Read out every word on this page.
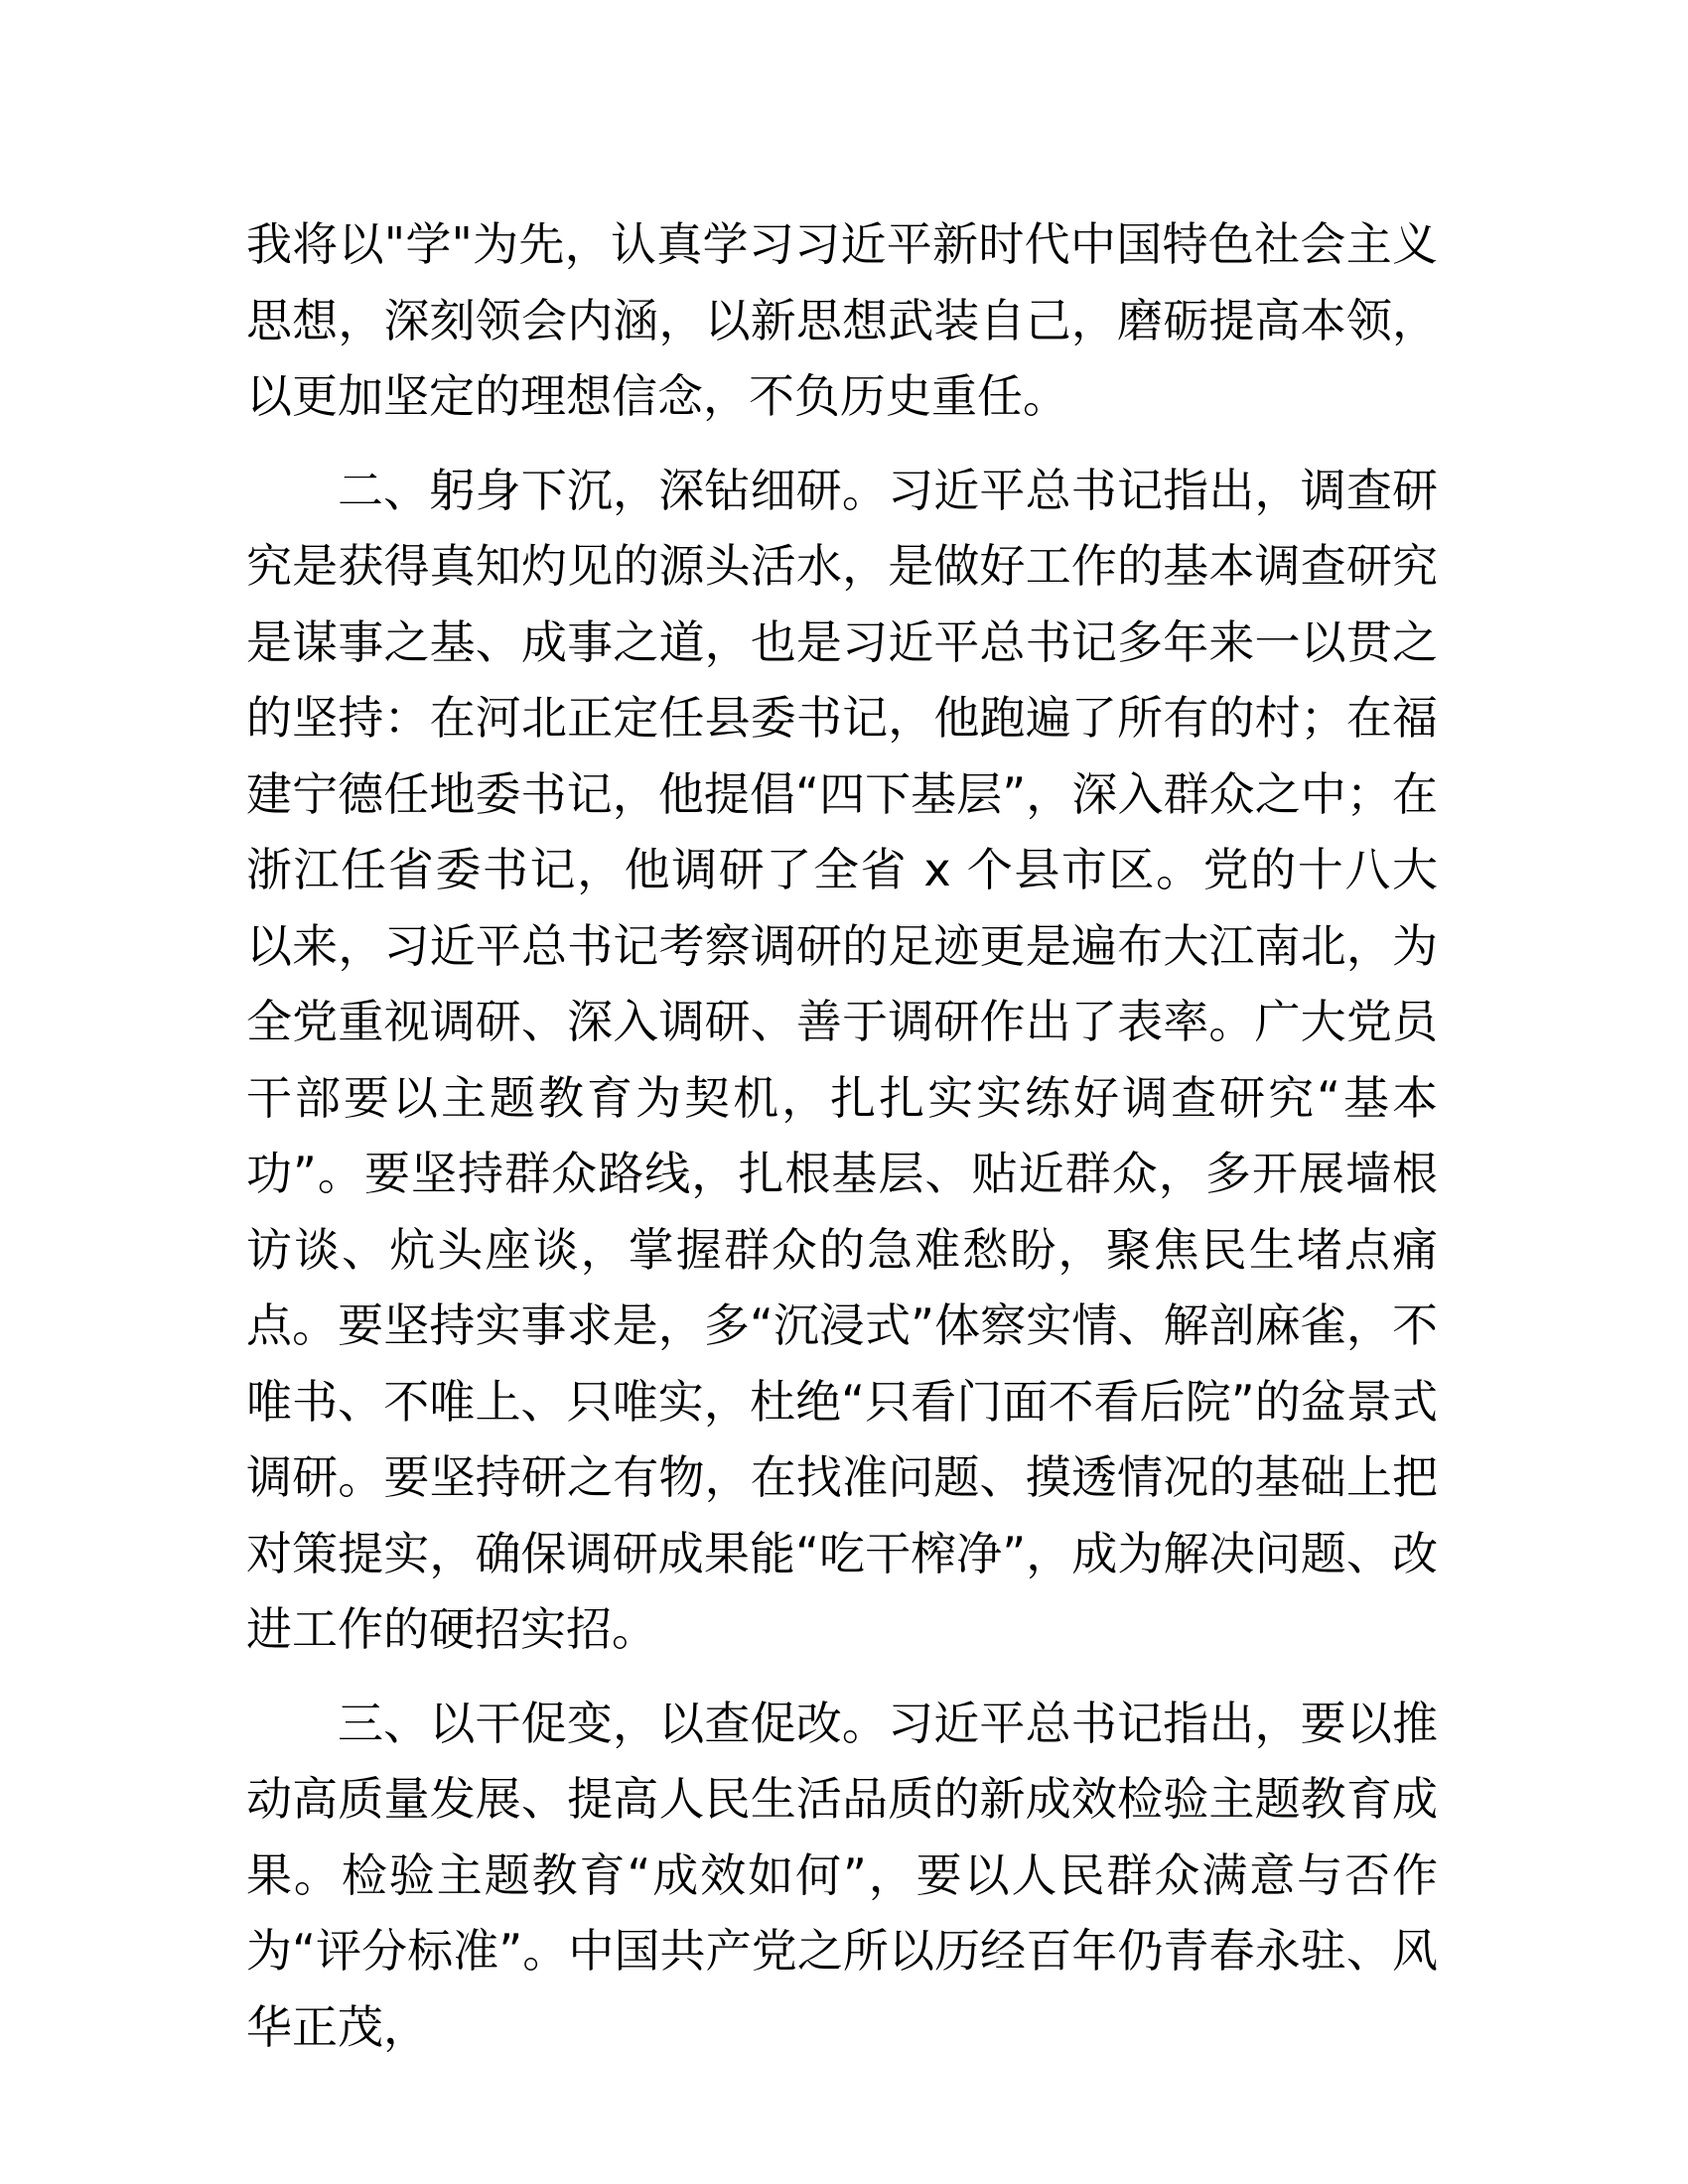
我将以"学"为先，认真学习习近平新时代中国特色社会主义思想，深刻领会内涵，以新思想武装自己，磨砺提高本领，以更加坚定的理想信念，不负历史重任。

二、躬身下沉，深钻细研。习近平总书记指出，调查研究是获得真知灼见的源头活水，是做好工作的基本调查研究是谋事之基、成事之道，也是习近平总书记多年来一以贯之的坚持：在河北正定任县委书记，他跑遍了所有的村；在福建宁德任地委书记，他提倡“四下基层”，深入群众之中；在浙江任省委书记，他调研了全省 x 个县市区。党的十八大以来，习近平总书记考察调研的足迹更是遍布大江南北，为全党重视调研、深入调研、善于调研作出了表率。广大党员干部要以主题教育为契机，扎扎实实练好调查研究“基本功”。要坚持群众路线，扎根基层、贴近群众，多开展墙根访谈、炕头座谈，掌握群众的急难愁盼，聚焦民生堵点痛点。要坚持实事求是，多“沉浸式”体察实情、解剖麻雀，不唯书、不唯上、只唯实，杜绝“只看门面不看后院”的盆景式调研。要坚持研之有物，在找准问题、摸透情况的基础上把对策提实，确保调研成果能“吃干榨净”，成为解决问题、改进工作的硬招实招。

三、以干促变，以查促改。习近平总书记指出，要以推动高质量发展、提高人民生活品质的新成效检验主题教育成果。检验主题教育“成效如何”，要以人民群众满意与否作为“评分标准”。中国共产党之所以历经百年仍青春永驻、风华正茂，
